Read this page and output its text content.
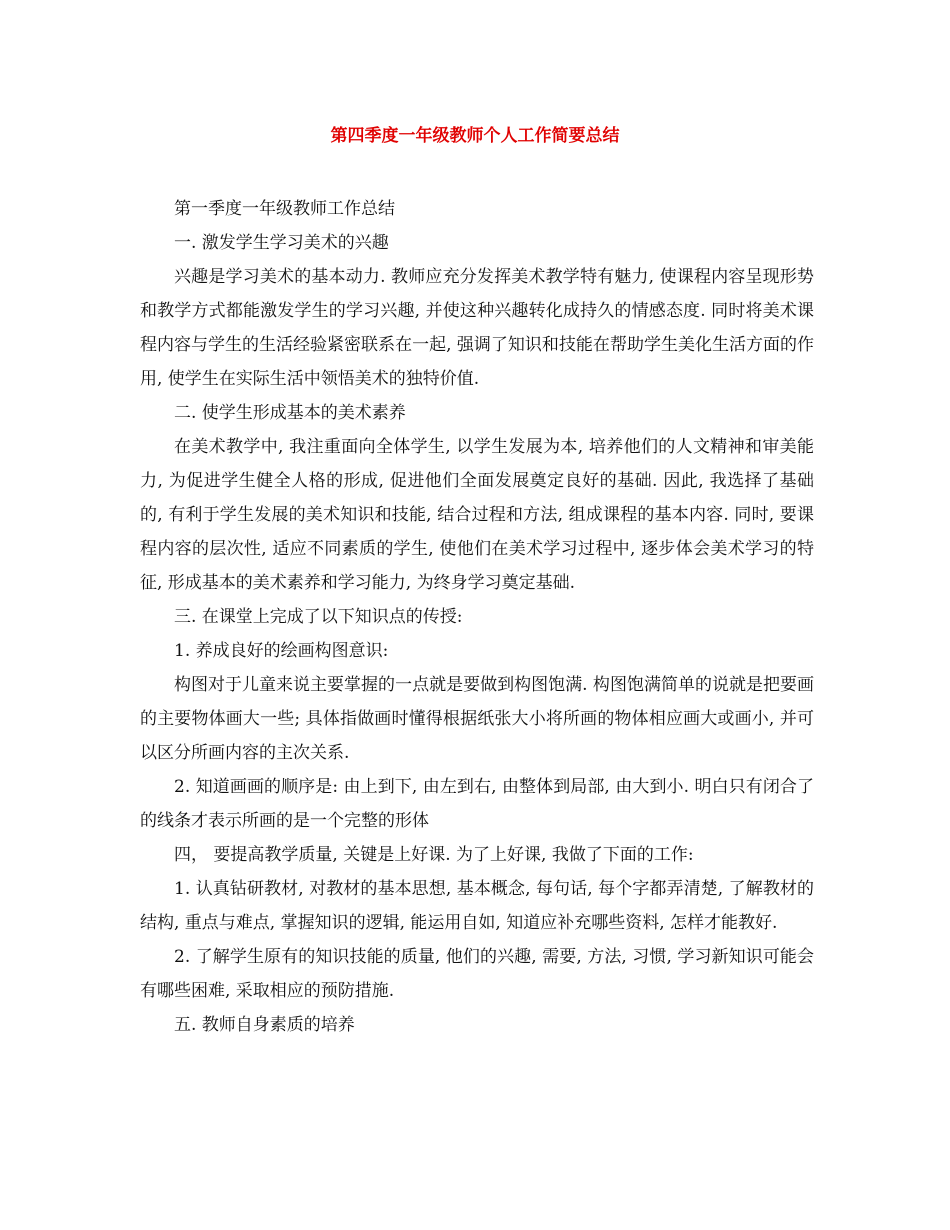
第四季度一年级教师个人工作简要总结

第一季度一年级教师工作总结

一. 激发学生学习美术的兴趣

兴趣是学习美术的基本动力. 教师应充分发挥美术教学特有魅力, 使课程内容呈现形势和教学方式都能激发学生的学习兴趣, 并使这种兴趣转化成持久的情感态度. 同时将美术课程内容与学生的生活经验紧密联系在一起, 强调了知识和技能在帮助学生美化生活方面的作用, 使学生在实际生活中领悟美术的独特价值.

二. 使学生形成基本的美术素养

在美术教学中, 我注重面向全体学生, 以学生发展为本, 培养他们的人文精神和审美能力, 为促进学生健全人格的形成, 促进他们全面发展奠定良好的基础. 因此, 我选择了基础的, 有利于学生发展的美术知识和技能, 结合过程和方法, 组成课程的基本内容. 同时, 要课程内容的层次性, 适应不同素质的学生, 使他们在美术学习过程中, 逐步体会美术学习的特征, 形成基本的美术素养和学习能力, 为终身学习奠定基础.

三. 在课堂上完成了以下知识点的传授:

1. 养成良好的绘画构图意识:

构图对于儿童来说主要掌握的一点就是要做到构图饱满. 构图饱满简单的说就是把要画的主要物体画大一些; 具体指做画时懂得根据纸张大小将所画的物体相应画大或画小, 并可以区分所画内容的主次关系.

2. 知道画画的顺序是: 由上到下, 由左到右, 由整体到局部, 由大到小. 明白只有闭合了的线条才表示所画的是一个完整的形体

四， 要提高教学质量, 关键是上好课. 为了上好课, 我做了下面的工作:

1. 认真钻研教材, 对教材的基本思想, 基本概念, 每句话, 每个字都弄清楚, 了解教材的结构, 重点与难点, 掌握知识的逻辑, 能运用自如, 知道应补充哪些资料, 怎样才能教好.

2. 了解学生原有的知识技能的质量, 他们的兴趣, 需要, 方法, 习惯, 学习新知识可能会有哪些困难, 采取相应的预防措施.

五. 教师自身素质的培养
